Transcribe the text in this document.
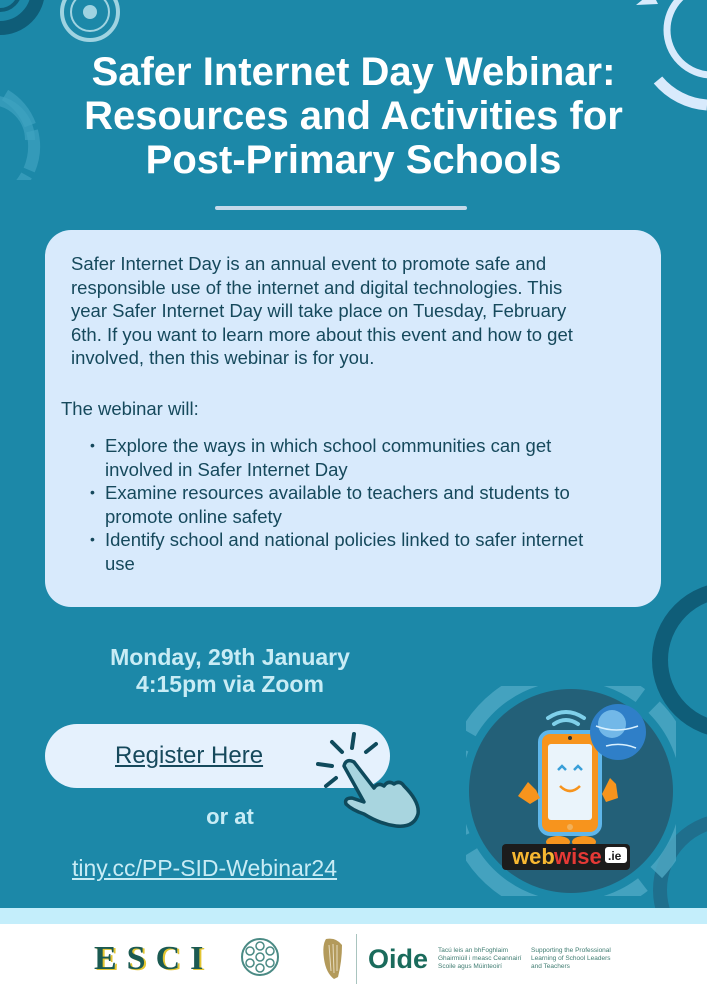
Safer Internet Day Webinar:
Resources and Activities for
Post-Primary Schools
Safer Internet Day is an annual event to promote safe and
responsible use of the internet and digital technologies. This
year Safer Internet Day will take place on Tuesday, February
6th. If you want to learn more about this event and how to get
involved, then this webinar is for you.
The webinar will:
• Explore the ways in which school communities can get
involved in Safer Internet Day
• Examine resources available to teachers and students to
promote online safety
• Identify school and national policies linked to safer internet
use
Monday, 29th January
4:15pm via Zoom
Register Here
or at
tiny.cc/PP-SID-Webinar24	web wise .ie
ESCI	Oide Tacú leis an bhFoghlaim
Ghairmiúil i measc Ceannairí
Scoile agus Múinteoirí
Supporting the Professional
Learning of School Leaders
and Teachers
